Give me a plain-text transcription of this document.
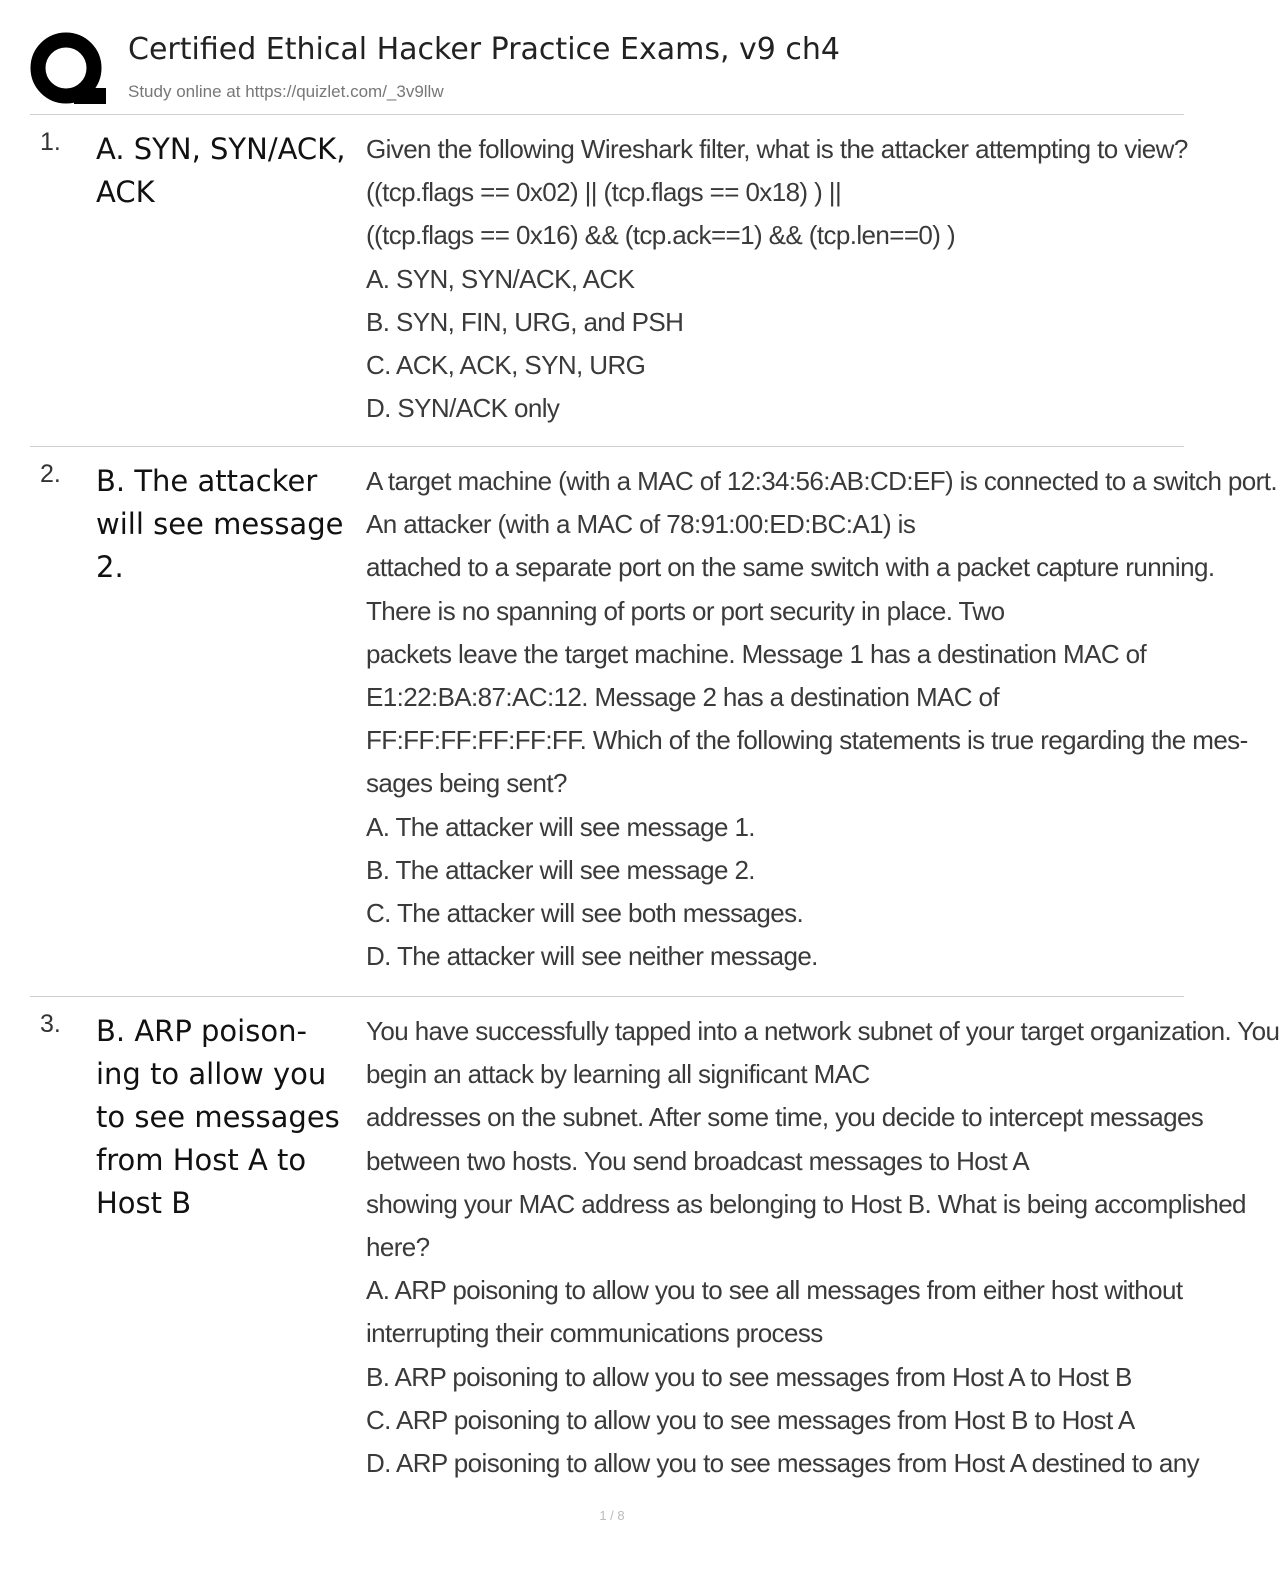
Certified Ethical Hacker Practice Exams, v9 ch4
Study online at https://quizlet.com/_3v9llw
1. A. SYN, SYN/ACK, ACK
Given the following Wireshark filter, what is the attacker attempting to view?
((tcp.flags == 0x02) || (tcp.flags == 0x18) ) ||
((tcp.flags == 0x16) && (tcp.ack==1) && (tcp.len==0) )
A. SYN, SYN/ACK, ACK
B. SYN, FIN, URG, and PSH
C. ACK, ACK, SYN, URG
D. SYN/ACK only
2. B. The attacker will see message 2.
A target machine (with a MAC of 12:34:56:AB:CD:EF) is connected to a switch port.
An attacker (with a MAC of 78:91:00:ED:BC:A1) is
attached to a separate port on the same switch with a packet capture running.
There is no spanning of ports or port security in place. Two
packets leave the target machine. Message 1 has a destination MAC of
E1:22:BA:87:AC:12. Message 2 has a destination MAC of
FF:FF:FF:FF:FF:FF. Which of the following statements is true regarding the mes-
sages being sent?
A. The attacker will see message 1.
B. The attacker will see message 2.
C. The attacker will see both messages.
D. The attacker will see neither message.
3. B. ARP poison- ing to allow you to see messages from Host A to Host B
You have successfully tapped into a network subnet of your target organization. You
begin an attack by learning all significant MAC
addresses on the subnet. After some time, you decide to intercept messages
between two hosts. You send broadcast messages to Host A
showing your MAC address as belonging to Host B. What is being accomplished
here?
A. ARP poisoning to allow you to see all messages from either host without
interrupting their communications process
B. ARP poisoning to allow you to see messages from Host A to Host B
C. ARP poisoning to allow you to see messages from Host B to Host A
D. ARP poisoning to allow you to see messages from Host A destined to any
1 / 8
